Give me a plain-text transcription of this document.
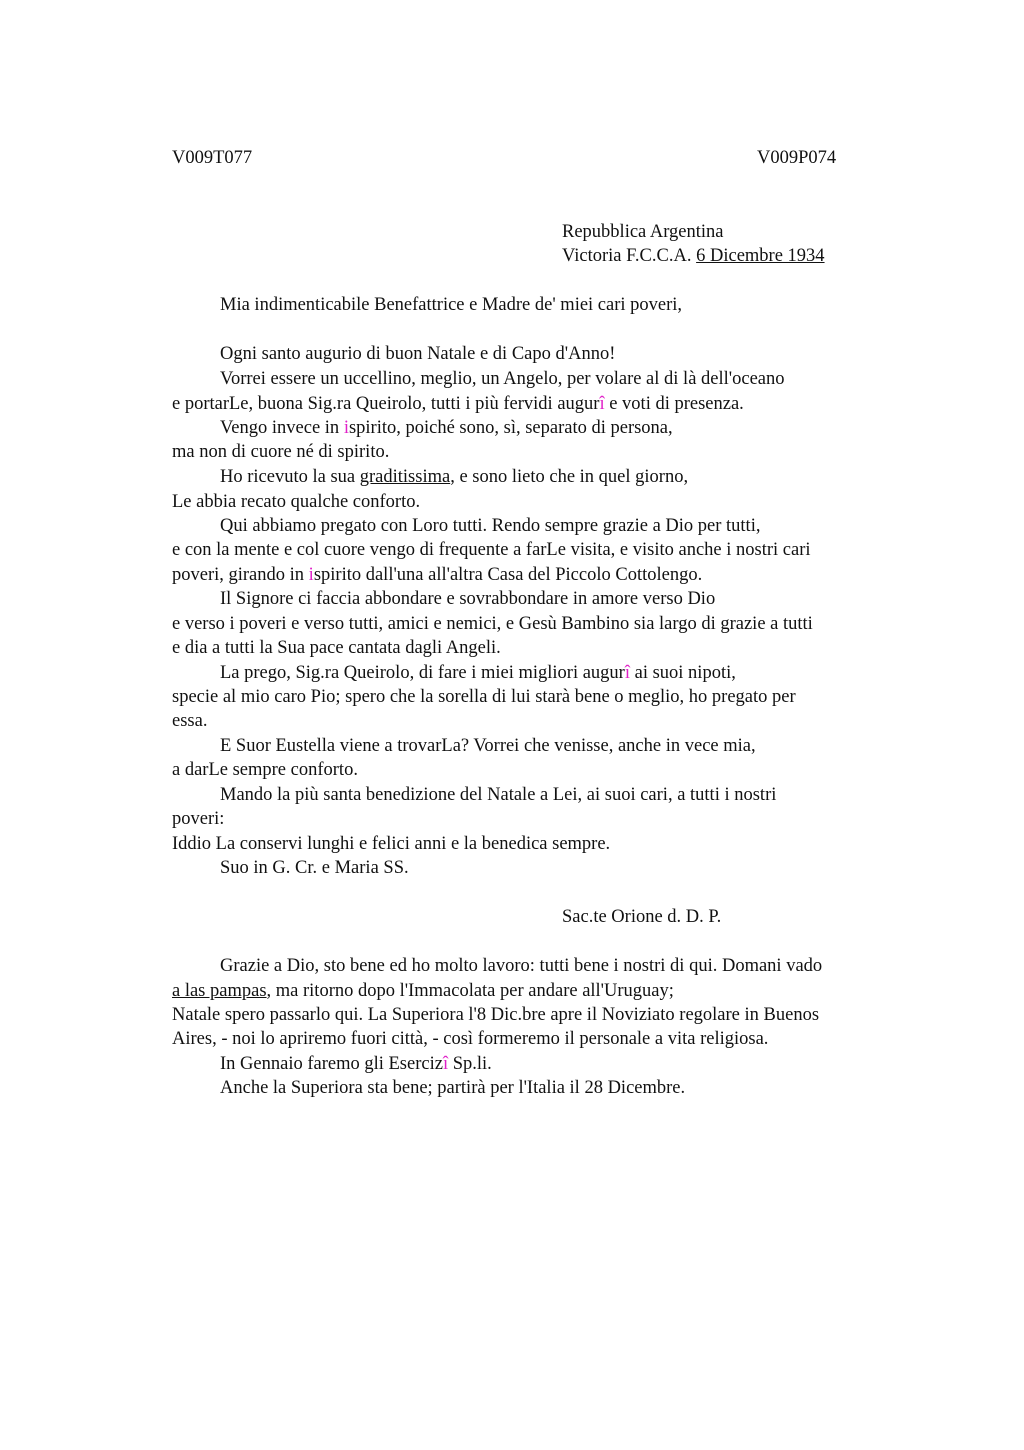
V009T077	V009P074
Repubblica Argentina
Victoria F.C.C.A. 6 Dicembre 1934
Mia indimenticabile Benefattrice e Madre de' miei cari poveri,
Ogni santo augurio di buon Natale e di Capo d'Anno!
Vorrei essere un uccellino, meglio, un Angelo, per volare al di là dell'oceano
e portarLe, buona Sig.ra Queirolo, tutti i più fervidi augurî e voti di presenza.
Vengo invece in ispirito, poiché sono, sì, separato di persona,
ma non di cuore né di spirito.
Ho ricevuto la sua graditissima, e sono lieto che in quel giorno,
Le abbia recato qualche conforto.
Qui abbiamo pregato con Loro tutti. Rendo sempre grazie a Dio per tutti,
e con la mente e col cuore vengo di frequente a farLe visita, e visito anche i nostri cari
poveri, girando in ispirito dall'una all'altra Casa del Piccolo Cottolengo.
Il Signore ci faccia abbondare e sovrabbondare in amore verso Dio
e verso i poveri e verso tutti, amici e nemici, e Gesù Bambino sia largo di grazie a tutti
e dia a tutti la Sua pace cantata dagli Angeli.
La prego, Sig.ra Queirolo, di fare i miei migliori augurî ai suoi nipoti,
specie al mio caro Pio; spero che la sorella di lui starà bene o meglio, ho pregato per
essa.
E Suor Eustella viene a trovarLa? Vorrei che venisse, anche in vece mia,
a darLe sempre conforto.
Mando la più santa benedizione del Natale a Lei, ai suoi cari, a tutti i nostri
poveri:
Iddio La conservi lunghi e felici anni e la benedica sempre.
Suo in G. Cr. e Maria SS.
Sac.te Orione d. D. P.
Grazie a Dio, sto bene ed ho molto lavoro: tutti bene i nostri di qui. Domani vado
a las pampas, ma ritorno dopo l'Immacolata per andare all'Uruguay;
Natale spero passarlo qui. La Superiora l'8 Dic.bre apre il Noviziato regolare in Buenos
Aires, - noi lo apriremo fuori città, - così formeremo il personale a vita religiosa.
In Gennaio faremo gli Esercizî Sp.li.
Anche la Superiora sta bene; partirà per l'Italia il 28 Dicembre.
